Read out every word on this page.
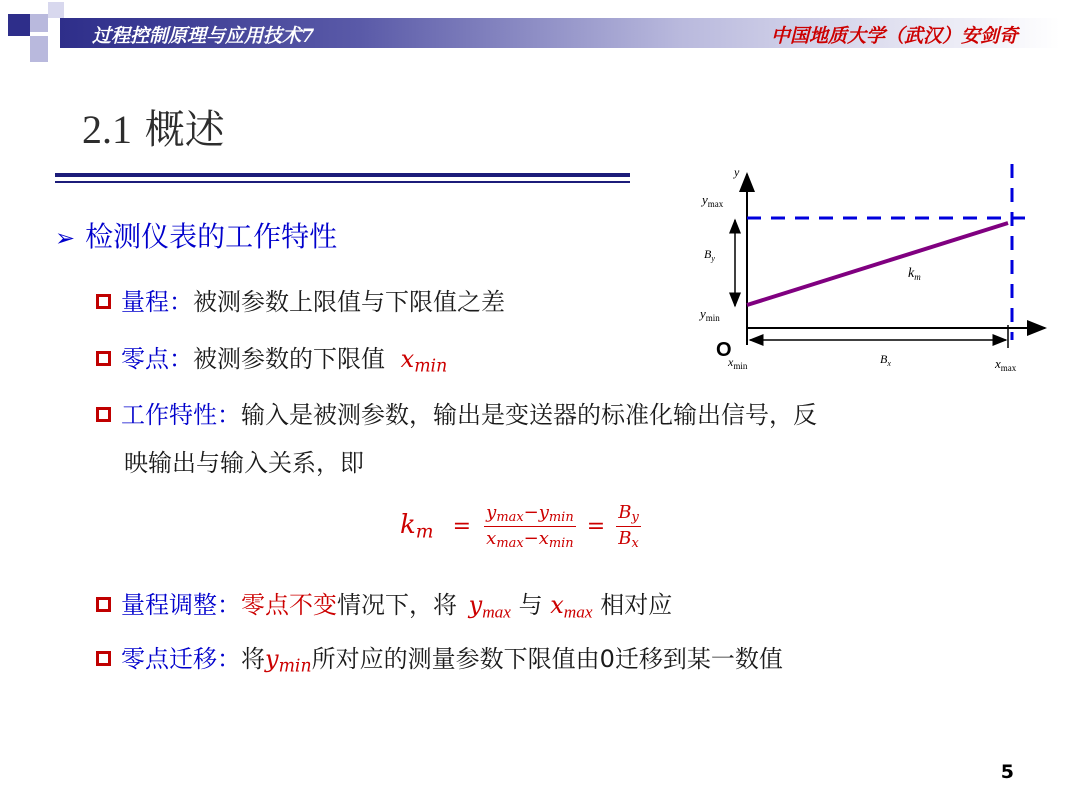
过程控制原理与应用技术7	中国地质大学（武汉）安剑奇
2.1 概述
➢ 检测仪表的工作特性
量程：被测参数上限值与下限值之差
零点：被测参数的下限值 $x_{min}$
工作特性：输入是被测参数，输出是变送器的标准化输出信号，反
映输出与输入关系，即
$k_m = \frac{y_{max}-y_{min}}{x_{max}-x_{min}} = \frac{B_y}{B_x}$
量程调整：零点不变情况下，将 $y_{max}$ 与 $x_{max}$ 相对应
零点迁移：将$y_{min}$所对应的测量参数下限值由0迁移到某一数值
5
y
$y_{max}$
$B_y$
$k_m$
$y_{min}$
O
$x_{min}$	$B_x$	$x_{max}$
